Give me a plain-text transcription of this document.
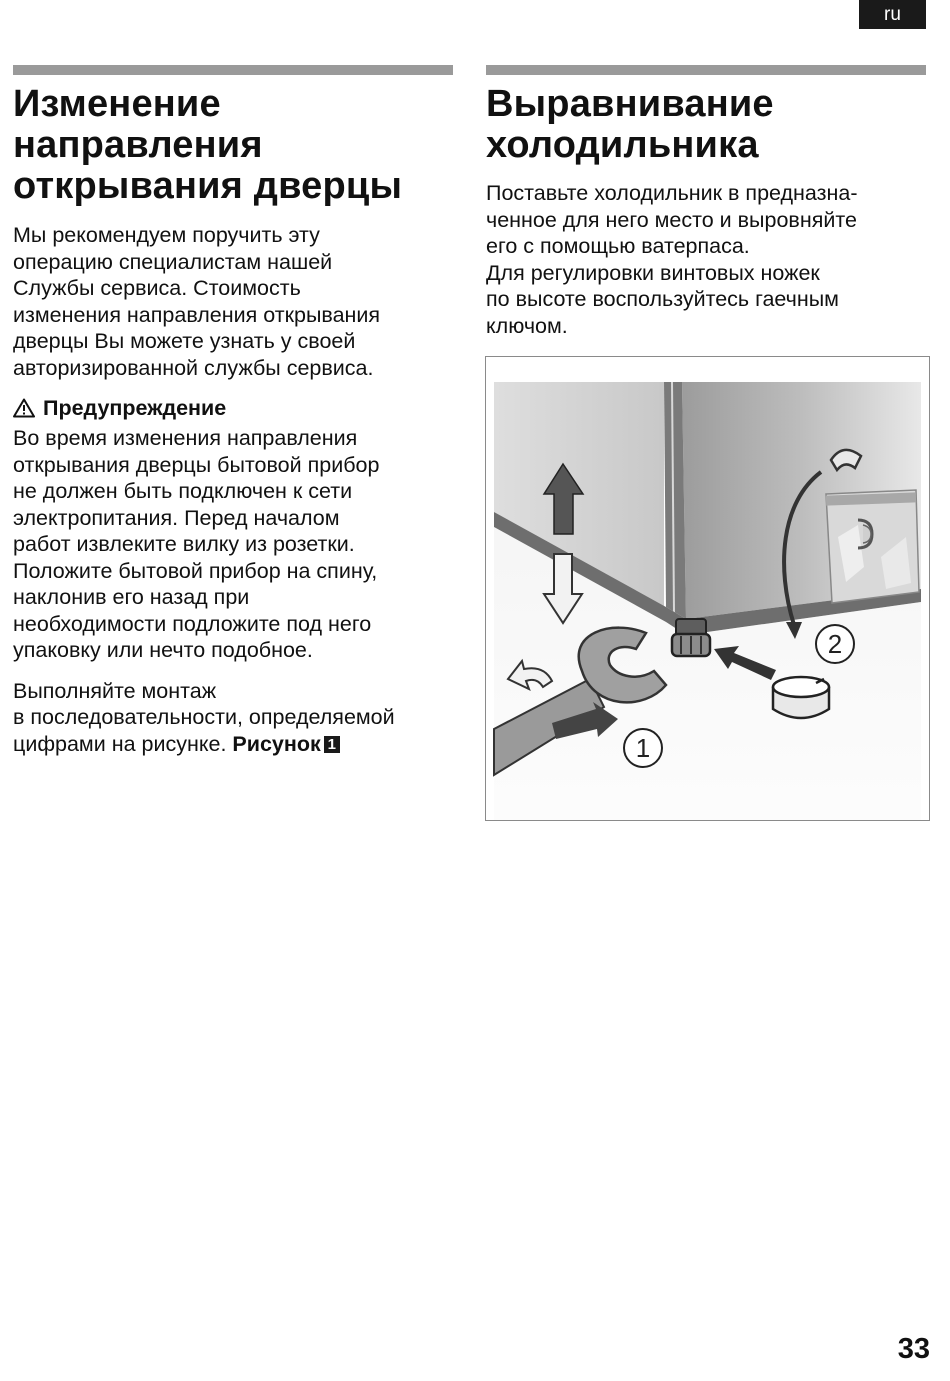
ru
Изменение
направления
открывания дверцы

Мы рекомендуем поручить эту
операцию специалистам нашей
Службы сервиса. Стоимость
изменения направления открывания
дверцы Вы можете узнать у своей
авторизированной службы сервиса.

Предупреждение

Во время изменения направления
открывания дверцы бытовой прибор
не должен быть подключен к сети
электропитания. Перед началом
работ извлеките вилку из розетки.
Положите бытовой прибор на спину,
наклонив его назад при
необходимости подложите под него
упаковку или нечто подобное.

Выполняйте монтаж
в последовательности, определяемой
цифрами на рисунке. Рисунок 1

Выравнивание
холодильника

Поставьте холодильник в предназна-
ченное для него место и выровняйте
его с помощью ватерпаса.

Для регулировки винтовых ножек
по высоте воспользуйтесь гаечным
ключом.

2
1
33
